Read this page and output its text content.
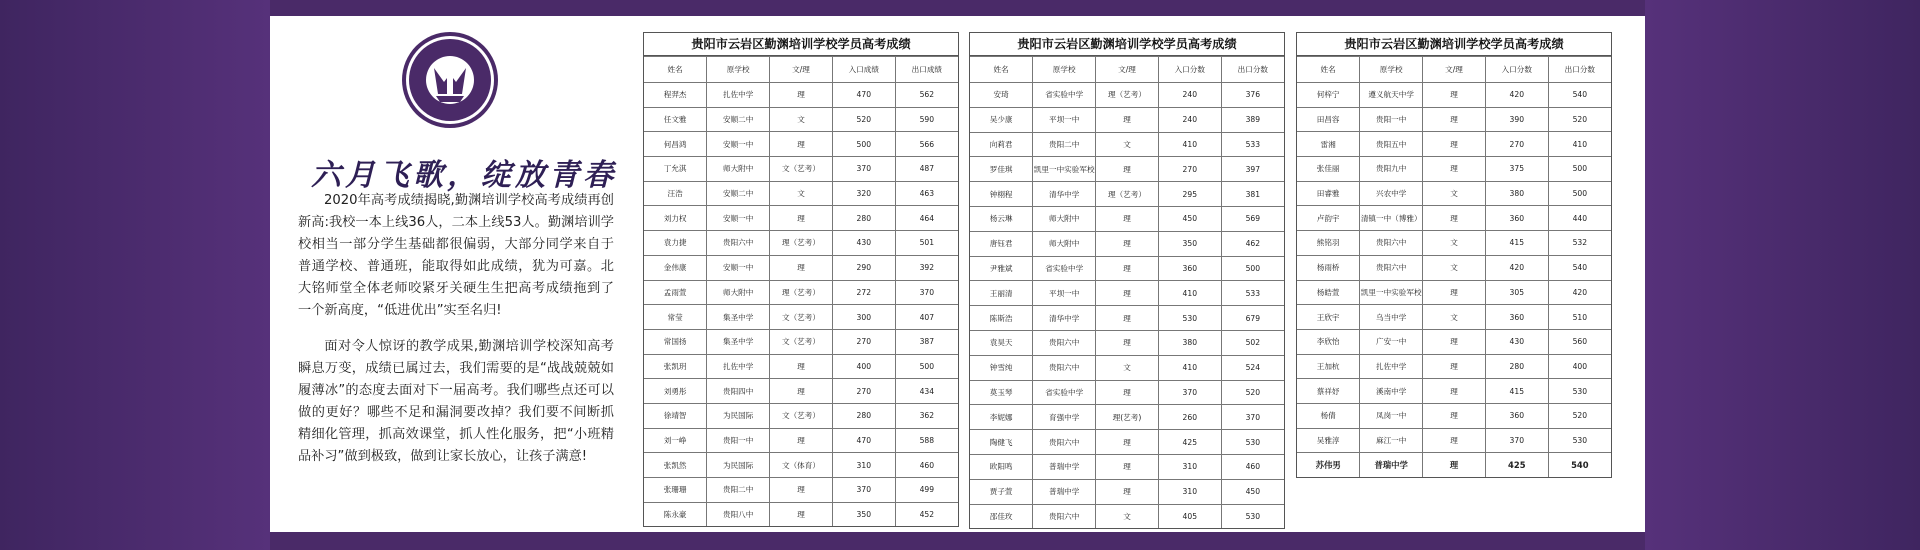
六月飞歌，绽放青春
2020年高考成绩揭晓,勤渊培训学校高考成绩再创新高:我校一本上线36人，二本上线53人。勤渊培训学校相当一部分学生基础都很偏弱，大部分同学来自于普通学校、普通班，能取得如此成绩，犹为可嘉。北大铭师堂全体老师咬紧牙关硬生生把高考成绩拖到了一个新高度，“低进优出”实至名归!
面对令人惊讶的教学成果,勤渊培训学校深知高考瞬息万变，成绩已属过去，我们需要的是“战战兢兢如履薄冰”的态度去面对下一届高考。我们哪些点还可以做的更好？哪些不足和漏洞要改掉？我们要不间断抓精细化管理，抓高效课堂，抓人性化服务，把“小班精品补习”做到极致，做到让家长放心，让孩子满意!
贵阳市云岩区勤渊培训学校学员高考成绩
姓名	原学校	文/理	入口成绩	出口成绩
程羿杰	扎佐中学	理	470	562
任文雅	安顺二中	文	520	590
何昌鸿	安顺一中	理	500	566
丁允淇	师大附中	文（艺考）	370	487
汪浩	安顺二中	文	320	463
刘力权	安顺一中	理	280	464
袁力捷	贵阳六中	理（艺考）	430	501
金伟康	安顺一中	理	290	392
孟雨萱	师大附中	理（艺考）	272	370
常莹	集圣中学	文（艺考）	300	407
常国扬	集圣中学	文（艺考）	270	387
张凯玥	扎佐中学	理	400	500
刘勇彤	贵阳四中	理	270	434
徐靖智	为民国际	文（艺考）	280	362
刘一峥	贵阳一中	理	470	588
张凯然	为民国际	文（体育）	310	460
张珊珊	贵阳二中	理	370	499
陈永豪	贵阳八中	理	350	452
贵阳市云岩区勤渊培训学校学员高考成绩
姓名	原学校	文/理	入口分数	出口分数
安琦	省实验中学	理（艺考）	240	376
吴少康	平坝一中	理	240	389
向莉君	贵阳二中	文	410	533
罗佳琪	凯里一中实验军校	理	270	397
钟栩程	清华中学	理（艺考）	295	381
杨云琳	师大附中	理	450	569
唐钰君	师大附中	理	350	462
尹雅斌	省实验中学	理	360	500
王丽清	平坝一中	理	410	533
陈斯浩	清华中学	理	530	679
袁昊天	贵阳六中	理	380	502
钟雪纯	贵阳六中	文	410	524
莫玉琴	省实验中学	理	370	520
李妮娜	育强中学	理(艺考)	260	370
陶健飞	贵阳六中	理	425	530
欧阳鸣	普瑞中学	理	310	460
贾子萱	普瑞中学	理	310	450
邵佳玫	贵阳六中	文	405	530
贵阳市云岩区勤渊培训学校学员高考成绩
姓名	原学校	文/理	入口分数	出口分数
何梓宁	遵义航天中学	理	420	540
田昌容	贵阳一中	理	390	520
雷湘	贵阳五中	理	270	410
张佳丽	贵阳九中	理	375	500
田睿雅	兴农中学	文	380	500
卢韵宇	清镇一中（博雅）	理	360	440
熊铭羽	贵阳六中	文	415	532
杨雨桥	贵阳六中	文	420	540
杨皓萱	凯里一中实验军校	理	305	420
王欣宇	乌当中学	文	360	510
李欣怡	广安一中	理	430	560
王加杭	扎佐中学	理	280	400
蔡祥妤	溪南中学	理	415	530
杨倩	凤岗一中	理	360	520
吴雅淳	麻江一中	理	370	530
苏伟男	普瑞中学	理	425	540
